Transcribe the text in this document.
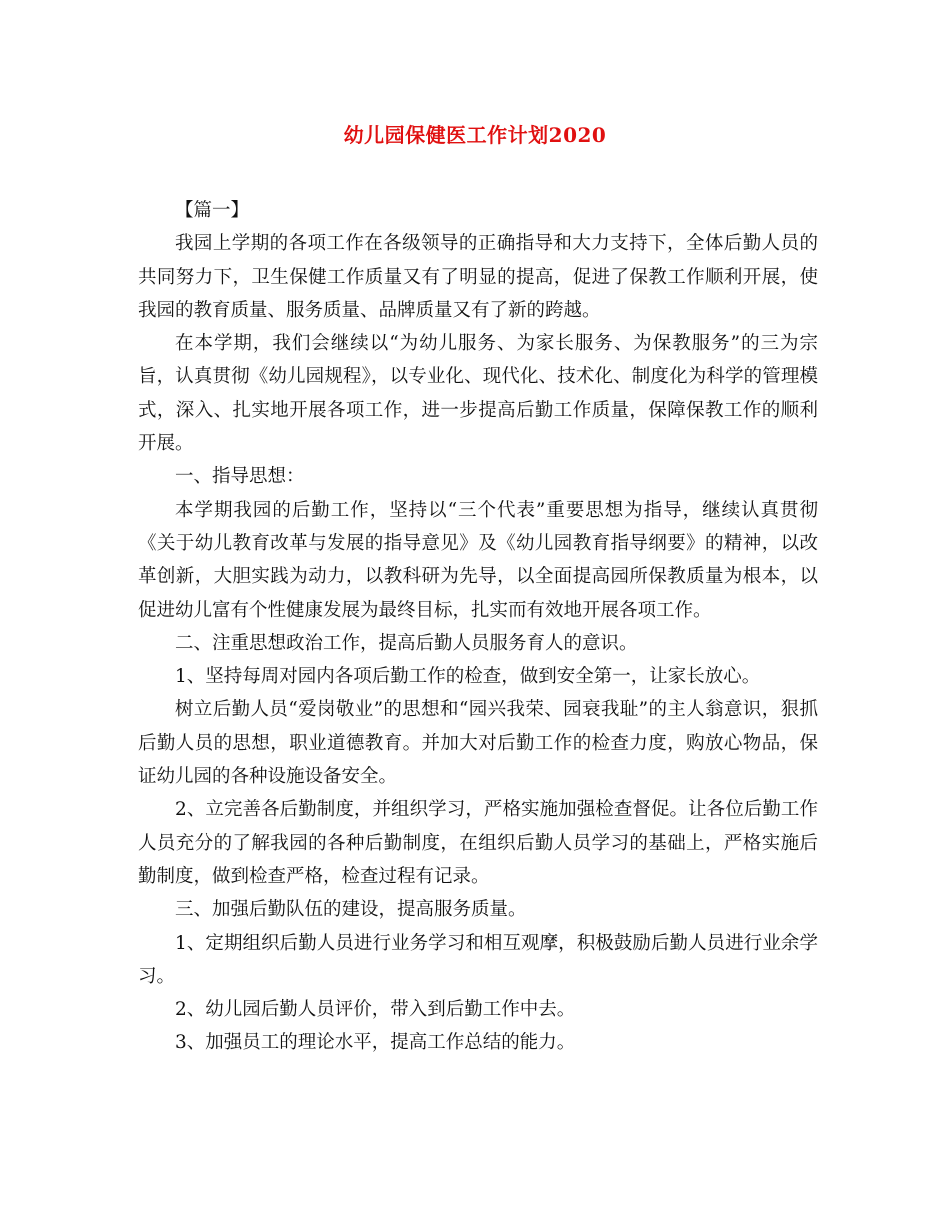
幼儿园保健医工作计划2020

【篇一】

我园上学期的各项工作在各级领导的正确指导和大力支持下，全体后勤人员的共同努力下，卫生保健工作质量又有了明显的提高，促进了保教工作顺利开展，使我园的教育质量、服务质量、品牌质量又有了新的跨越。

在本学期，我们会继续以“为幼儿服务、为家长服务、为保教服务”的三为宗旨，认真贯彻《幼儿园规程》，以专业化、现代化、技术化、制度化为科学的管理模式，深入、扎实地开展各项工作，进一步提高后勤工作质量，保障保教工作的顺利开展。

一、指导思想：

本学期我园的后勤工作，坚持以“三个代表”重要思想为指导，继续认真贯彻《关于幼儿教育改革与发展的指导意见》及《幼儿园教育指导纲要》的精神，以改革创新，大胆实践为动力，以教科研为先导，以全面提高园所保教质量为根本，以促进幼儿富有个性健康发展为最终目标，扎实而有效地开展各项工作。

二、注重思想政治工作，提高后勤人员服务育人的意识。

1、坚持每周对园内各项后勤工作的检查，做到安全第一，让家长放心。

树立后勤人员“爱岗敬业”的思想和“园兴我荣、园衰我耻”的主人翁意识，狠抓后勤人员的思想，职业道德教育。并加大对后勤工作的检查力度，购放心物品，保证幼儿园的各种设施设备安全。

2、立完善各后勤制度，并组织学习，严格实施加强检查督促。让各位后勤工作人员充分的了解我园的各种后勤制度，在组织后勤人员学习的基础上，严格实施后勤制度，做到检查严格，检查过程有记录。

三、加强后勤队伍的建设，提高服务质量。

1、定期组织后勤人员进行业务学习和相互观摩，积极鼓励后勤人员进行业余学习。

2、幼儿园后勤人员评价，带入到后勤工作中去。

3、加强员工的理论水平，提高工作总结的能力。
